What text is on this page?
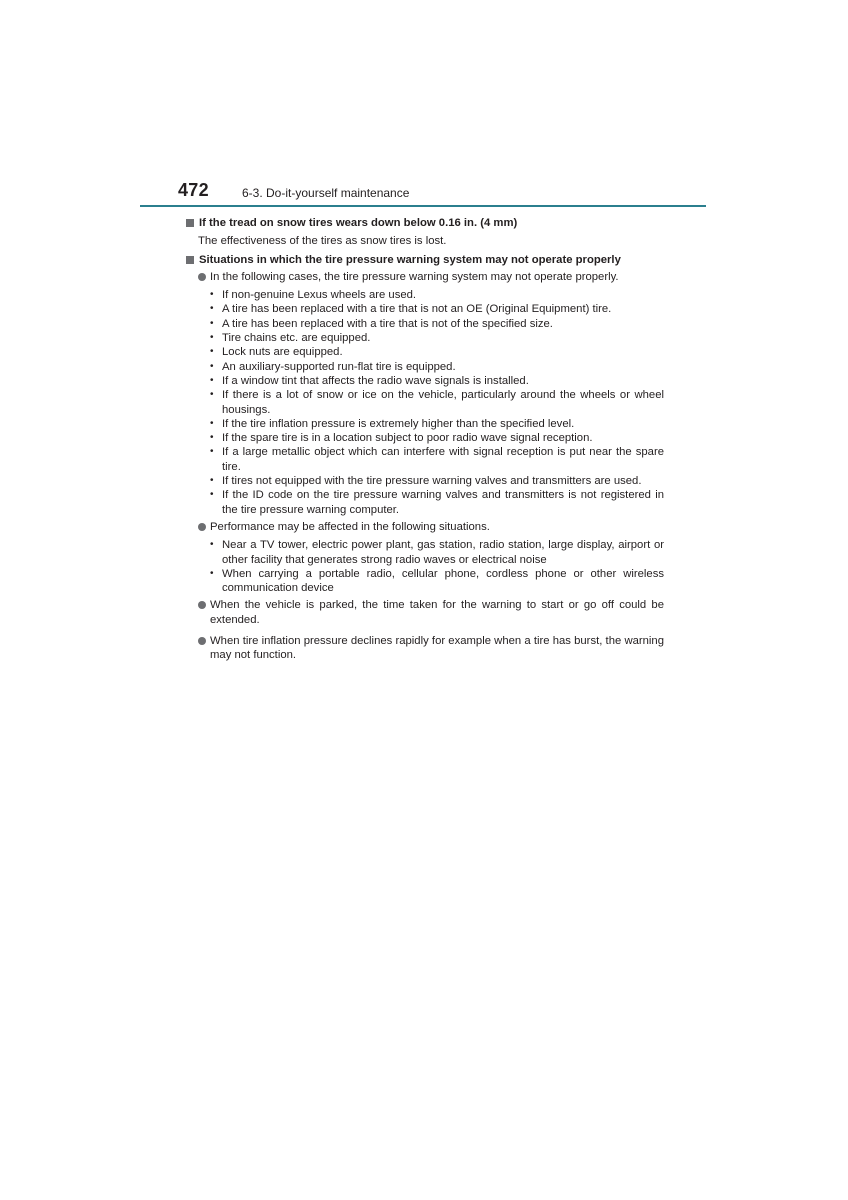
472	6-3. Do-it-yourself maintenance
If the tread on snow tires wears down below 0.16 in. (4 mm)
The effectiveness of the tires as snow tires is lost.
Situations in which the tire pressure warning system may not operate properly
In the following cases, the tire pressure warning system may not operate properly.
• If non-genuine Lexus wheels are used.
• A tire has been replaced with a tire that is not an OE (Original Equipment) tire.
• A tire has been replaced with a tire that is not of the specified size.
• Tire chains etc. are equipped.
• Lock nuts are equipped.
• An auxiliary-supported run-flat tire is equipped.
• If a window tint that affects the radio wave signals is installed.
• If there is a lot of snow or ice on the vehicle, particularly around the wheels or wheel housings.
• If the tire inflation pressure is extremely higher than the specified level.
• If the spare tire is in a location subject to poor radio wave signal reception.
• If a large metallic object which can interfere with signal reception is put near the spare tire.
• If tires not equipped with the tire pressure warning valves and transmitters are used.
• If the ID code on the tire pressure warning valves and transmitters is not registered in the tire pressure warning computer.
Performance may be affected in the following situations.
• Near a TV tower, electric power plant, gas station, radio station, large display, airport or other facility that generates strong radio waves or electrical noise
• When carrying a portable radio, cellular phone, cordless phone or other wireless communication device
When the vehicle is parked, the time taken for the warning to start or go off could be extended.
When tire inflation pressure declines rapidly for example when a tire has burst, the warning may not function.
